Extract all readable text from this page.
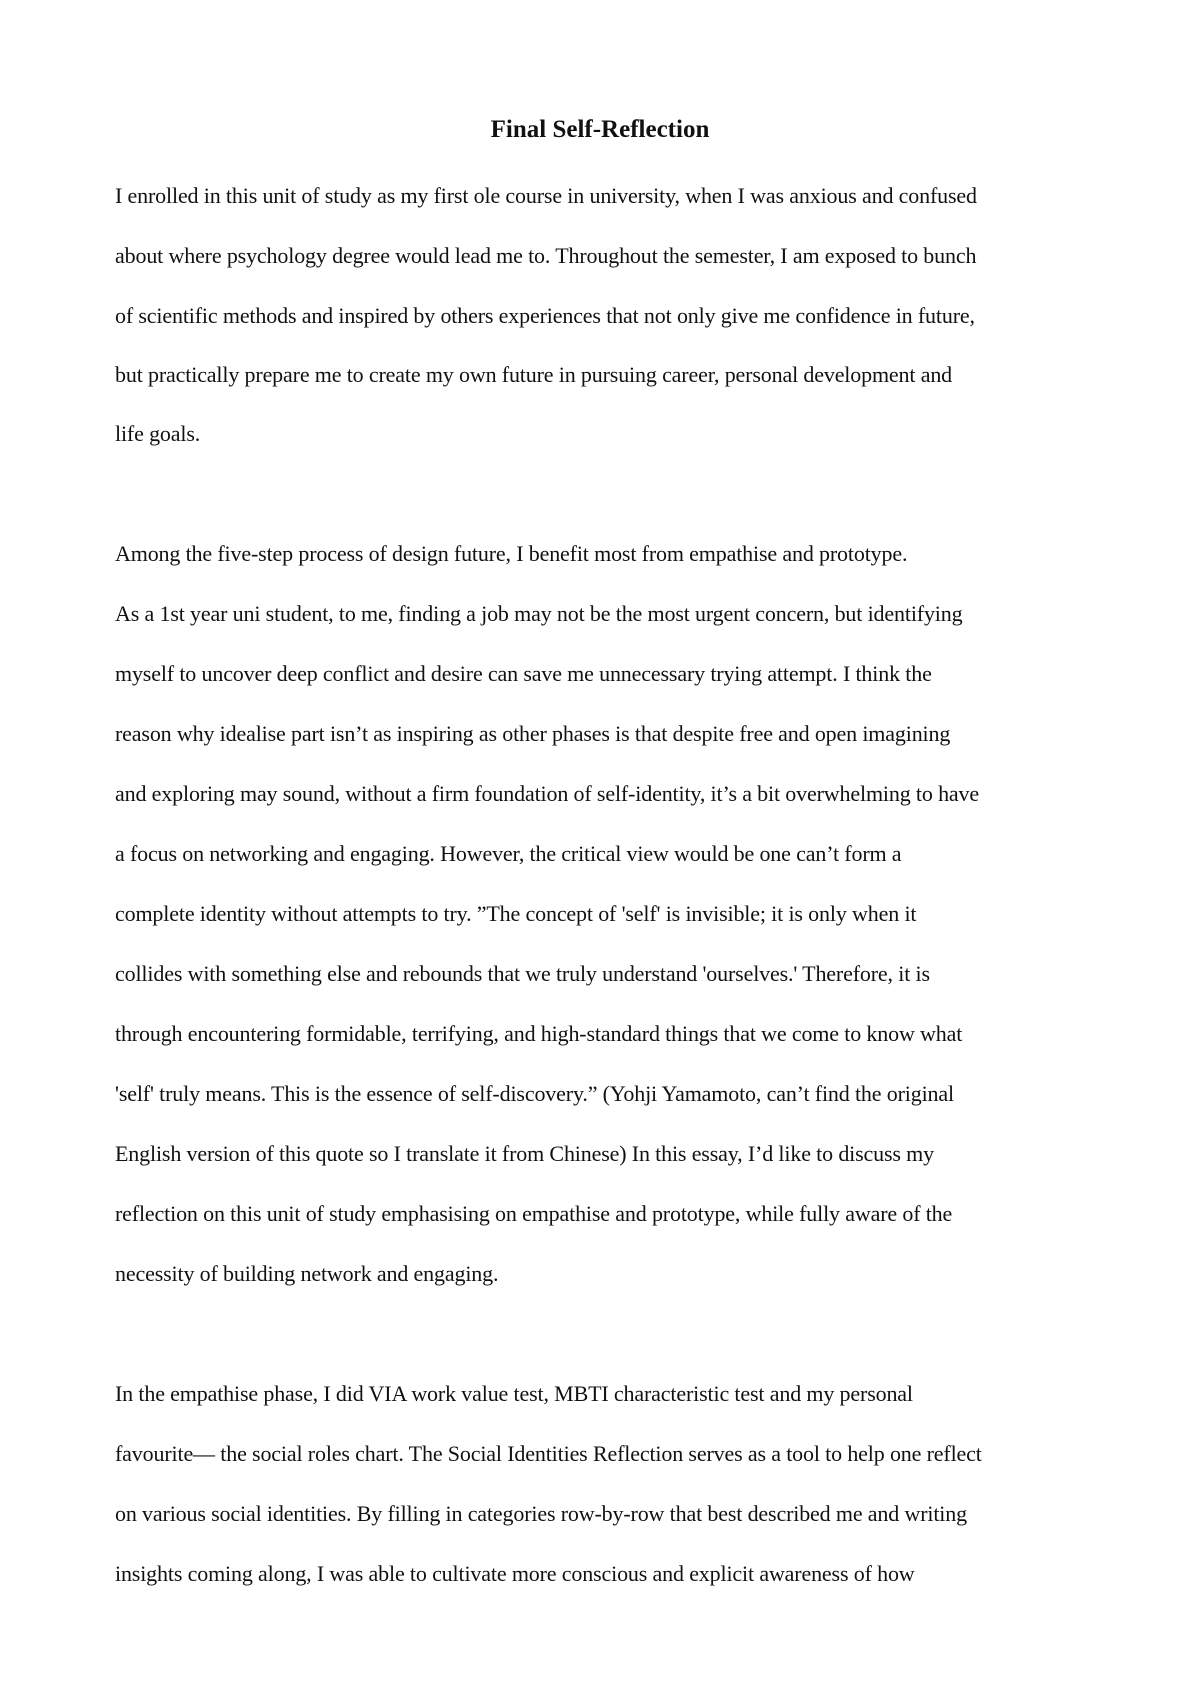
Final Self-Reflection

I enrolled in this unit of study as my first ole course in university, when I was anxious and confused

about where psychology degree would lead me to. Throughout the semester, I am exposed to bunch

of scientific methods and inspired by others experiences that not only give me confidence in future,

but practically prepare me to create my own future in pursuing career, personal development and

life goals.

Among the five-step process of design future, I benefit most from empathise and prototype.

As a 1st year uni student, to me, finding a job may not be the most urgent concern, but identifying

myself to uncover deep conflict and desire can save me unnecessary trying attempt. I think the

reason why idealise part isn’t as inspiring as other phases is that despite free and open imagining

and exploring may sound, without a firm foundation of self-identity, it’s a bit overwhelming to have

a focus on networking and engaging. However, the critical view would be one can’t form a

complete identity without attempts to try. ”The concept of 'self' is invisible; it is only when it

collides with something else and rebounds that we truly understand 'ourselves.' Therefore, it is

through encountering formidable, terrifying, and high-standard things that we come to know what

'self' truly means. This is the essence of self-discovery.” (Yohji Yamamoto, can’t find the original

English version of this quote so I translate it from Chinese) In this essay, I’d like to discuss my

reflection on this unit of study emphasising on empathise and prototype, while fully aware of the

necessity of building network and engaging.

In the empathise phase, I did VIA work value test, MBTI characteristic test and my personal

favourite— the social roles chart. The Social Identities Reflection serves as a tool to help one reflect

on various social identities. By filling in categories row-by-row that best described me and writing

insights coming along, I was able to cultivate more conscious and explicit awareness of how
